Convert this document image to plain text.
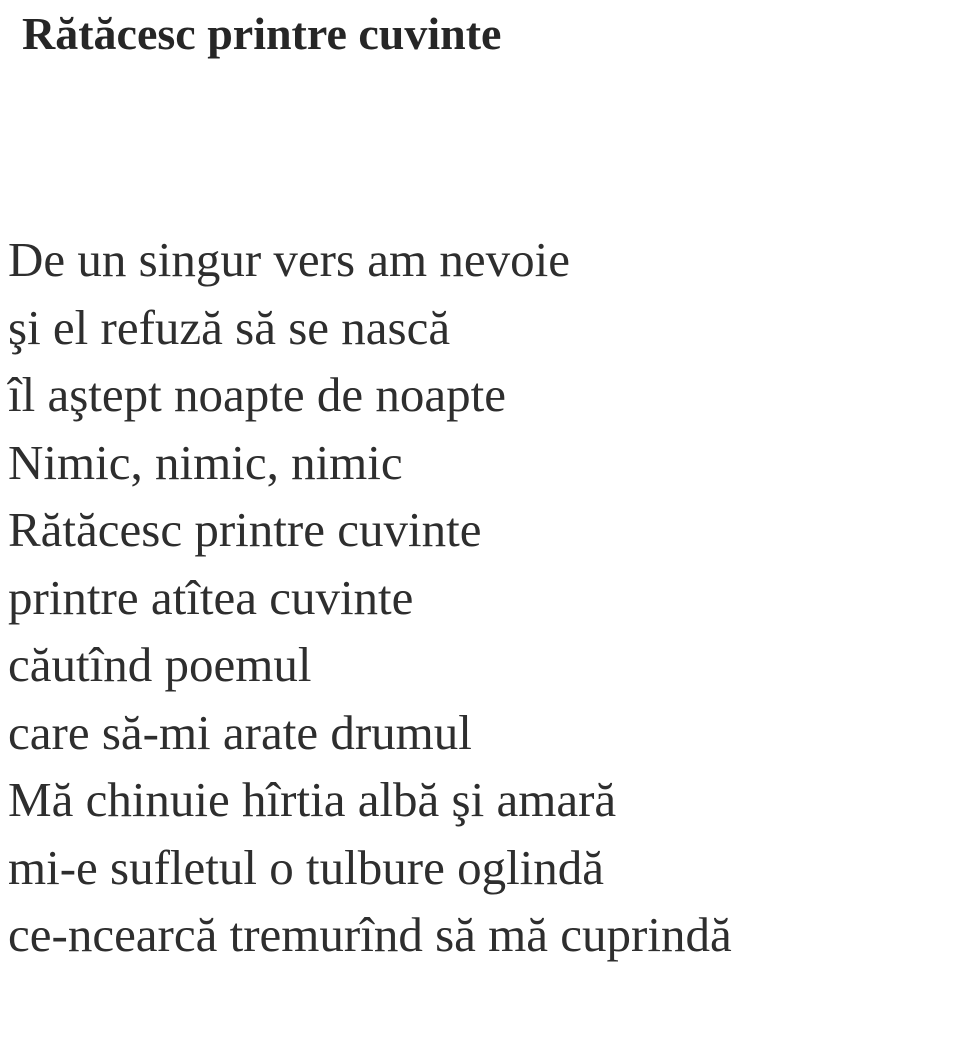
Rătăcesc printre cuvinte
De un singur vers am nevoie
şi el refuză să se nască
îl aştept noapte de noapte
Nimic, nimic, nimic
Rătăcesc printre cuvinte
printre atîtea cuvinte
căutînd poemul
care să-mi arate drumul
Mă chinuie hîrtia albă şi amară
mi-e sufletul o tulbure oglindă
ce-ncearcă tremurînd să mă cuprindă
